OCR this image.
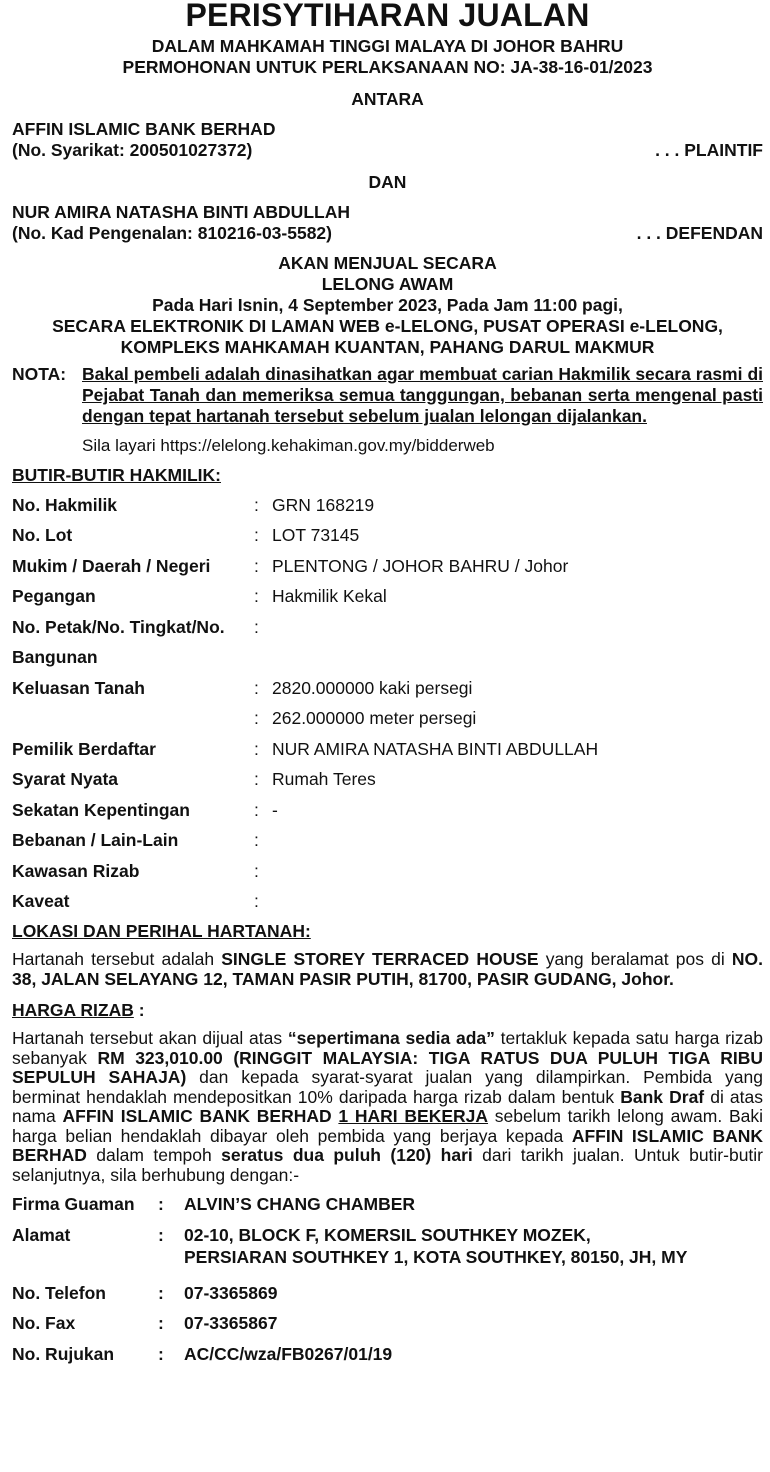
PERISYTIHARAN JUALAN
DALAM MAHKAMAH TINGGI MALAYA DI JOHOR BAHRU
PERMOHONAN UNTUK PERLAKSANAAN NO: JA-38-16-01/2023
ANTARA
AFFIN ISLAMIC BANK BERHAD
(No. Syarikat: 200501027372)	. . . PLAINTIF
DAN
NUR AMIRA NATASHA BINTI ABDULLAH
(No. Kad Pengenalan: 810216-03-5582)	. . . DEFENDAN
AKAN MENJUAL SECARA
LELONG AWAM
Pada Hari Isnin, 4 September 2023, Pada Jam 11:00 pagi,
SECARA ELEKTRONIK DI LAMAN WEB e-LELONG, PUSAT OPERASI e-LELONG,
KOMPLEKS MAHKAMAH KUANTAN, PAHANG DARUL MAKMUR
NOTA: Bakal pembeli adalah dinasihatkan agar membuat carian Hakmilik secara rasmi di Pejabat Tanah dan memeriksa semua tanggungan, bebanan serta mengenal pasti dengan tepat hartanah tersebut sebelum jualan lelongan dijalankan.
Sila layari https://elelong.kehakiman.gov.my/bidderweb
BUTIR-BUTIR HAKMILIK:
No. Hakmilik	:	GRN 168219
No. Lot	:	LOT 73145
Mukim / Daerah / Negeri	:	PLENTONG / JOHOR BAHRU / Johor
Pegangan	:	Hakmilik Kekal
No. Petak/No. Tingkat/No.	:	
Bangunan		
Keluasan Tanah	:	2820.000000 kaki persegi
	:	262.000000 meter persegi
Pemilik Berdaftar	:	NUR AMIRA NATASHA BINTI ABDULLAH
Syarat Nyata	:	Rumah Teres
Sekatan Kepentingan	:	-
Bebanan / Lain-Lain	:	
Kawasan Rizab	:	
Kaveat	:	
LOKASI DAN PERIHAL HARTANAH:
Hartanah tersebut adalah SINGLE STOREY TERRACED HOUSE yang beralamat pos di NO. 38, JALAN SELAYANG 12, TAMAN PASIR PUTIH, 81700, PASIR GUDANG, Johor.
HARGA RIZAB :
Hartanah tersebut akan dijual atas “sepertimana sedia ada” tertakluk kepada satu harga rizab sebanyak RM 323,010.00 (RINGGIT MALAYSIA: TIGA RATUS DUA PULUH TIGA RIBU SEPULUH SAHAJA) dan kepada syarat-syarat jualan yang dilampirkan. Pembida yang berminat hendaklah mendepositkan 10% daripada harga rizab dalam bentuk Bank Draf di atas nama AFFIN ISLAMIC BANK BERHAD 1 HARI BEKERJA sebelum tarikh lelong awam. Baki harga belian hendaklah dibayar oleh pembida yang berjaya kepada AFFIN ISLAMIC BANK BERHAD dalam tempoh seratus dua puluh (120) hari dari tarikh jualan. Untuk butir-butir selanjutnya, sila berhubung dengan:-
Firma Guaman	:	ALVIN’S CHANG CHAMBER

Alamat	:	02-10, BLOCK F, KOMERSIL SOUTHKEY MOZEK,
PERSIARAN SOUTHKEY 1, KOTA SOUTHKEY, 80150, JH, MY

No. Telefon	:	07-3365869

No. Fax	:	07-3365867

No. Rujukan	:	AC/CC/wza/FB0267/01/19
